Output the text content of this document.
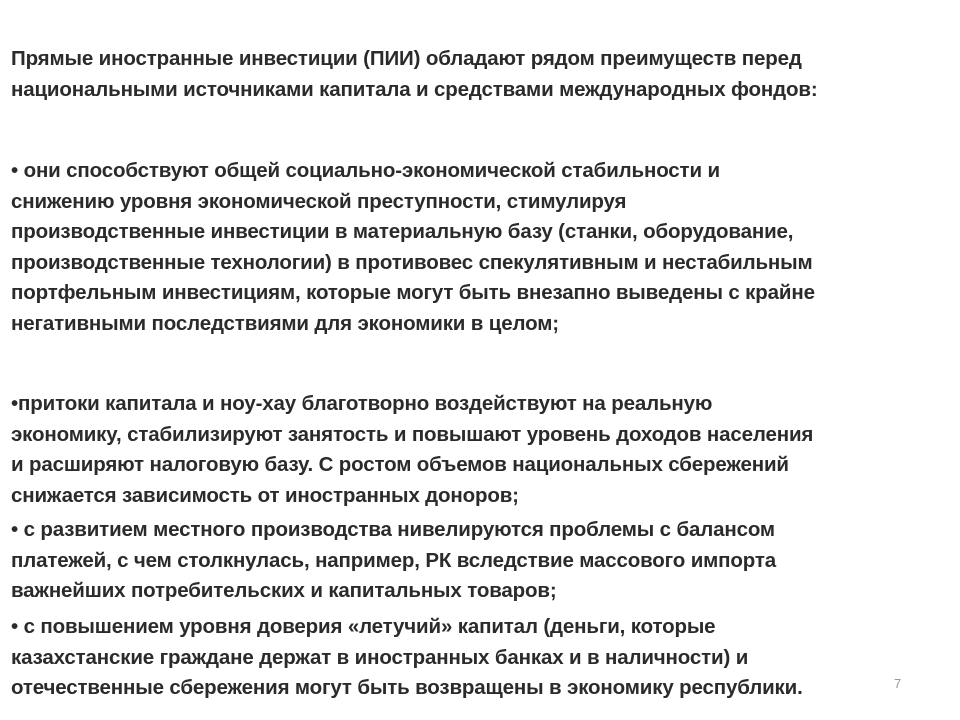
Прямые иностранные инвестиции (ПИИ) обладают рядом преимуществ перед
национальными источниками капитала и средствами международных фондов:
• они способствуют общей социально-экономической стабильности и
снижению уровня экономической преступности, стимулируя
производственные инвестиции в материальную базу (станки, оборудование,
производственные технологии) в противовес спекулятивным и нестабильным
портфельным инвестициям, которые могут быть внезапно выведены с крайне
негативными последствиями для экономики в целом;
•притоки капитала и ноу-хау благотворно воздействуют на реальную
экономику, стабилизируют занятость и повышают уровень доходов населения
и расширяют налоговую базу. С ростом объемов национальных сбережений
снижается зависимость от иностранных доноров;
• с развитием местного производства нивелируются проблемы с балансом
платежей, с чем столкнулась, например, РК вследствие массового импорта
важнейших потребительских и капитальных товаров;
• с повышением уровня доверия «летучий» капитал (деньги, которые
казахстанские граждане держат в иностранных банках и в наличности) и
отечественные сбережения могут быть возвращены в экономику республики.	7
